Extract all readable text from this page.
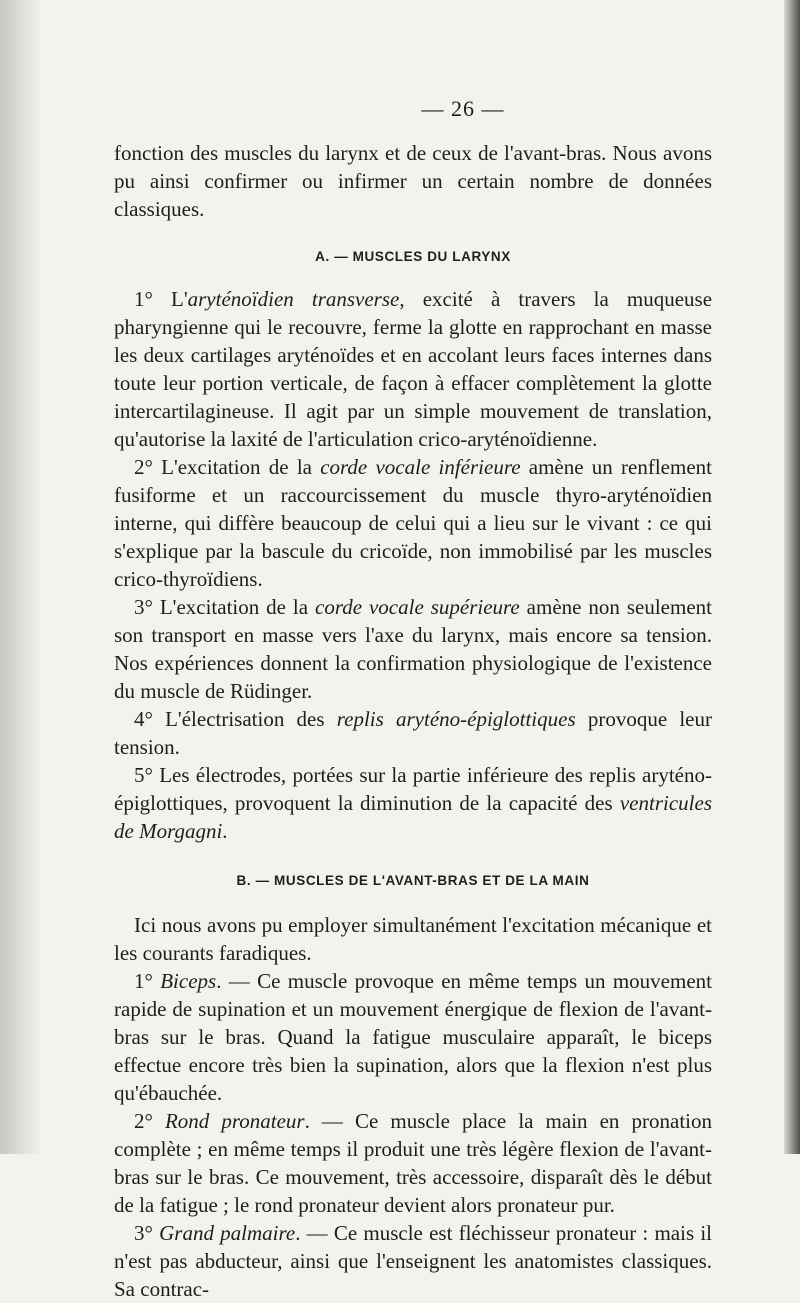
— 26 —

fonction des muscles du larynx et de ceux de l'avant-bras. Nous avons pu ainsi confirmer ou infirmer un certain nombre de données classiques.

A. — MUSCLES DU LARYNX

1° L'aryténoïdien transverse, excité à travers la muqueuse pharyngienne qui le recouvre, ferme la glotte en rapprochant en masse les deux cartilages aryténoïdes et en accolant leurs faces internes dans toute leur portion verticale, de façon à effacer complètement la glotte intercartilagineuse. Il agit par un simple mouvement de translation, qu'autorise la laxité de l'articulation crico-aryténoïdienne.

2° L'excitation de la corde vocale inférieure amène un renflement fusiforme et un raccourcissement du muscle thyro-aryténoïdien interne, qui diffère beaucoup de celui qui a lieu sur le vivant : ce qui s'explique par la bascule du cricoïde, non immobilisé par les muscles crico-thyroïdiens.

3° L'excitation de la corde vocale supérieure amène non seulement son transport en masse vers l'axe du larynx, mais encore sa tension. Nos expériences donnent la confirmation physiologique de l'existence du muscle de Rüdinger.

4° L'électrisation des replis aryténo-épiglottiques provoque leur tension.

5° Les électrodes, portées sur la partie inférieure des replis aryténo-épiglottiques, provoquent la diminution de la capacité des ventricules de Morgagni.

B. — MUSCLES DE L'AVANT-BRAS ET DE LA MAIN

Ici nous avons pu employer simultanément l'excitation mécanique et les courants faradiques.

1° Biceps. — Ce muscle provoque en même temps un mouvement rapide de supination et un mouvement énergique de flexion de l'avant-bras sur le bras. Quand la fatigue musculaire apparaît, le biceps effectue encore très bien la supination, alors que la flexion n'est plus qu'ébauchée.

2° Rond pronateur. — Ce muscle place la main en pronation complète ; en même temps il produit une très légère flexion de l'avant-bras sur le bras. Ce mouvement, très accessoire, disparaît dès le début de la fatigue ; le rond pronateur devient alors pronateur pur.

3° Grand palmaire. — Ce muscle est fléchisseur pronateur : mais il n'est pas abducteur, ainsi que l'enseignent les anatomistes classiques. Sa contrac-
